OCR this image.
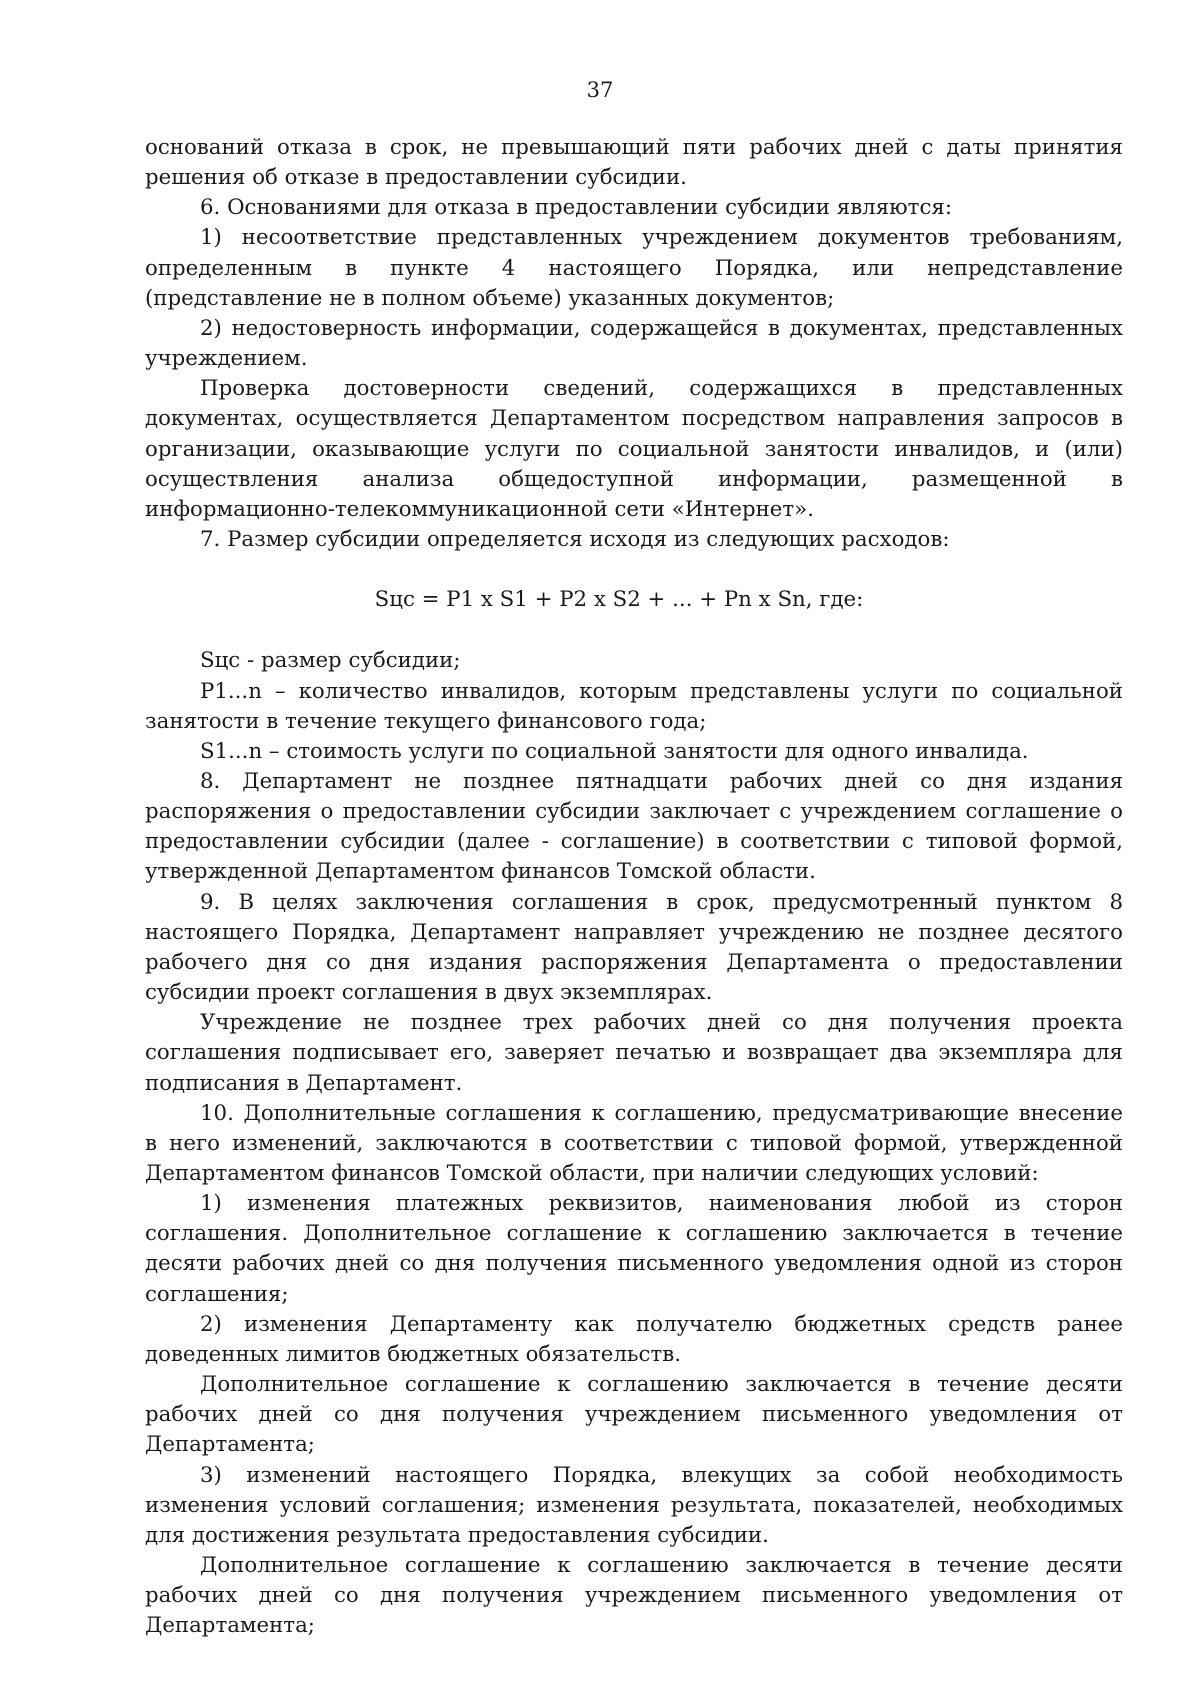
37

оснований отказа в срок, не превышающий пяти рабочих дней с даты принятия решения об отказе в предоставлении субсидии.

6. Основаниями для отказа в предоставлении субсидии являются:

1) несоответствие представленных учреждением документов требованиям, определенным в пункте 4 настоящего Порядка, или непредставление (представление не в полном объеме) указанных документов;

2) недостоверность информации, содержащейся в документах, представленных учреждением.

Проверка достоверности сведений, содержащихся в представленных документах, осуществляется Департаментом посредством направления запросов в организации, оказывающие услуги по социальной занятости инвалидов, и (или) осуществления анализа общедоступной информации, размещенной в информационно-телекоммуникационной сети «Интернет».

7. Размер субсидии определяется исходя из следующих расходов:

Sцс = P1 x S1 + P2 x S2 + ... + Pn x Sn, где:

Sцс - размер субсидии;

P1...n – количество инвалидов, которым представлены услуги по социальной занятости в течение текущего финансового года;

S1...n – стоимость услуги по социальной занятости для одного инвалида.

8. Департамент не позднее пятнадцати рабочих дней со дня издания распоряжения о предоставлении субсидии заключает с учреждением соглашение о предоставлении субсидии (далее - соглашение) в соответствии с типовой формой, утвержденной Департаментом финансов Томской области.

9. В целях заключения соглашения в срок, предусмотренный пунктом 8 настоящего Порядка, Департамент направляет учреждению не позднее десятого рабочего дня со дня издания распоряжения Департамента о предоставлении субсидии проект соглашения в двух экземплярах.

Учреждение не позднее трех рабочих дней со дня получения проекта соглашения подписывает его, заверяет печатью и возвращает два экземпляра для подписания в Департамент.

10. Дополнительные соглашения к соглашению, предусматривающие внесение в него изменений, заключаются в соответствии с типовой формой, утвержденной Департаментом финансов Томской области, при наличии следующих условий:

1) изменения платежных реквизитов, наименования любой из сторон соглашения. Дополнительное соглашение к соглашению заключается в течение десяти рабочих дней со дня получения письменного уведомления одной из сторон соглашения;

2) изменения Департаменту как получателю бюджетных средств ранее доведенных лимитов бюджетных обязательств.

Дополнительное соглашение к соглашению заключается в течение десяти рабочих дней со дня получения учреждением письменного уведомления от Департамента;

3) изменений настоящего Порядка, влекущих за собой необходимость изменения условий соглашения; изменения результата, показателей, необходимых для достижения результата предоставления субсидии.

Дополнительное соглашение к соглашению заключается в течение десяти рабочих дней со дня получения учреждением письменного уведомления от Департамента;
